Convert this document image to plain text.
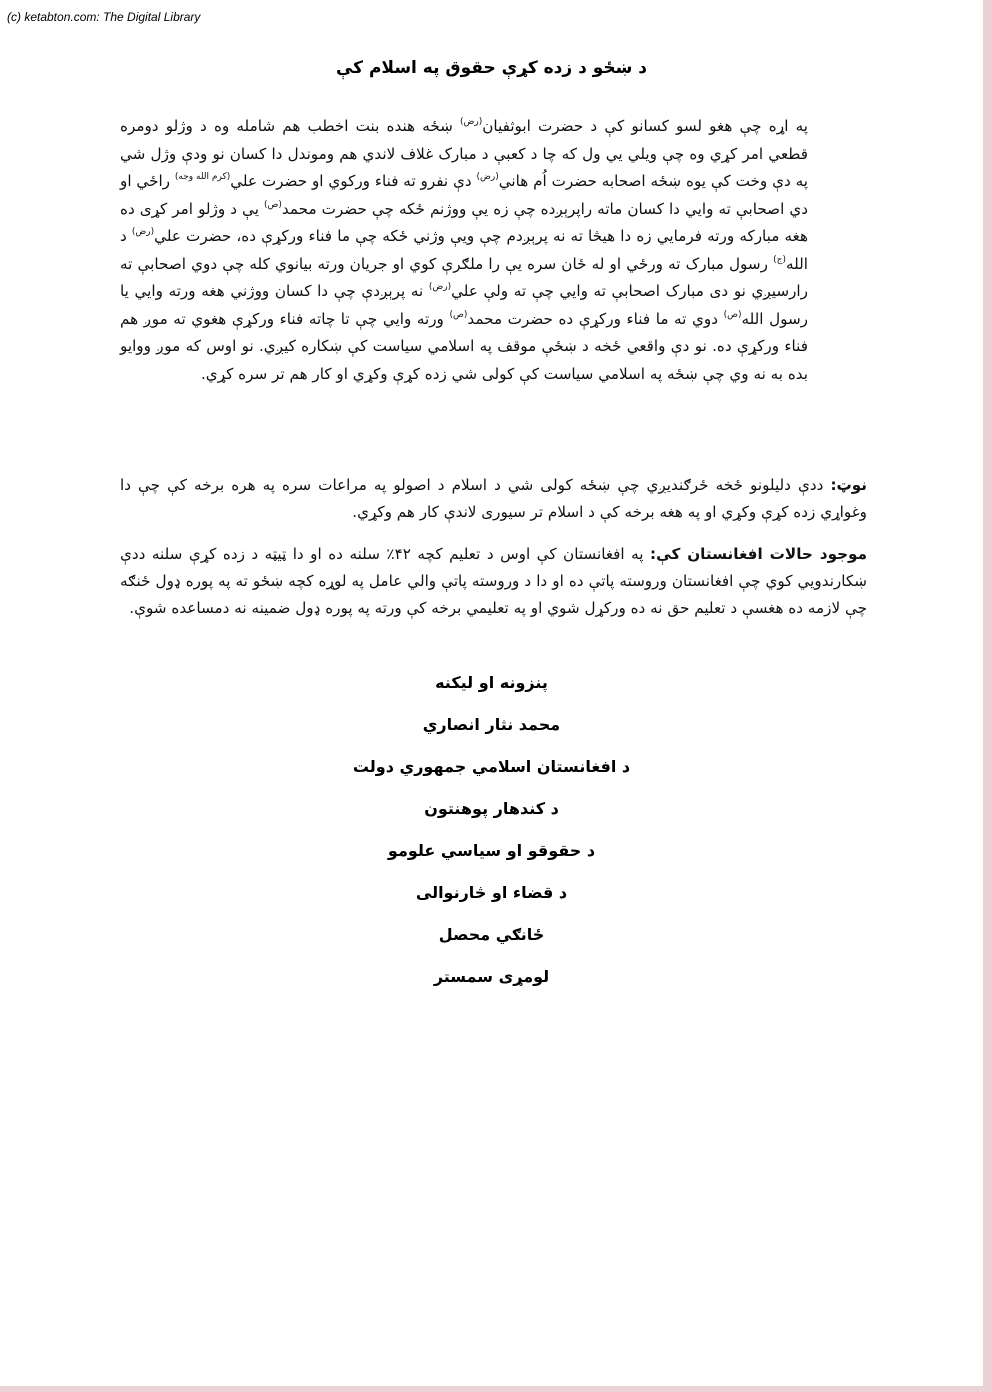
(c) ketabton.com: The Digital Library
د ښځو د زده کړې حقوق په اسلام کې
په اړه چې هغو لسو کسانو کې د حضرت ابوثفیان$^{(رض)}$ ښځه هنده بنت اخطب هم شامله وه د وژلو دومره قطعي امر کړي وه چې ویلي یي ول که چا د کعبې د مبارک غلاف لاندي هم وموندل دا کسان نو ودې وژل شي په دې وخت کې یوه ښځه اصحابه حضرت اُم هاني$^{(رض)}$ دې نفرو ته فناء ورکوي او حضرت علي$^{(کرم الله وجه)}$ راځي او دي اصحابې ته وایي دا کسان ماته راپرېږده چې زه یې ووژنم ځکه چې حضرت محمد$^{(ص)}$ یې د وژلو امر کړی ده هغه مبارکه ورته فرمایي زه دا هیڅا ته نه پرېږدم چې ویې وژني ځکه چې ما فناء ورکړې ده، حضرت علي$^{(رض)}$ د الله$^{(ج)}$ رسول مبارک ته ورځي او له ځان سره یې را ملګرې کوي او جریان ورته بیانوي کله چې دوي اصحابې ته رارسیږي نو دی مبارک اصحابې ته وایي چې ته ولې علي$^{(رض)}$ نه پرېږدې چې دا کسان ووژني هغه ورته وایي یا رسول الله$^{(ص)}$ دوي ته ما فناء ورکړې ده حضرت محمد$^{(ص)}$ ورته وایي چې تا چاته فناء ورکړې هغوي ته موږ هم فناء ورکړې ده. نو دې واقعي ځخه د ښځې موقف په اسلامي سیاست کې ښکاره کیږي. نو اوس که موږ ووایو بده به نه وي چې ښځه په اسلامي سیاست کې کولی شي زده کړې وکړي او کار هم تر سره کړي.
نوټ: ددې دلیلونو ځخه ځرګندیږي چې ښځه کولی شي د اسلام د اصولو په مراعات سره په هره برخه کې چې دا وغواړي زده کړې وکړي او په هغه برخه کې د اسلام تر سیوری لاندې کار هم وکړي.
موجود حالات افغانستان کې: په افغانستان کې اوس د تعلیم کچه ۴۲٪ سلنه ده او دا ټیټه د زده کړې سلنه ددې ښکارندویي کوي چې افغانستان وروسته پاتې ده او دا د وروسته پاتې والي عامل په لوړه کچه ښځو ته په پوره ډول ځنګه چې لازمه ده هغسې د تعلیم حق نه ده ورکړل شوي او په تعلیمي برخه کې ورته په پوره ډول ضمینه نه دمساعده شوې.
پنزونه او لیکنه
محمد نثار انصاري
د افغانستان اسلامي جمهوري دولت
د کندهار پوهنتون
د حقوقو او سیاسي علومو
د قضاء او څارنوالی
ځانګي محصل
لومړی سمستر
